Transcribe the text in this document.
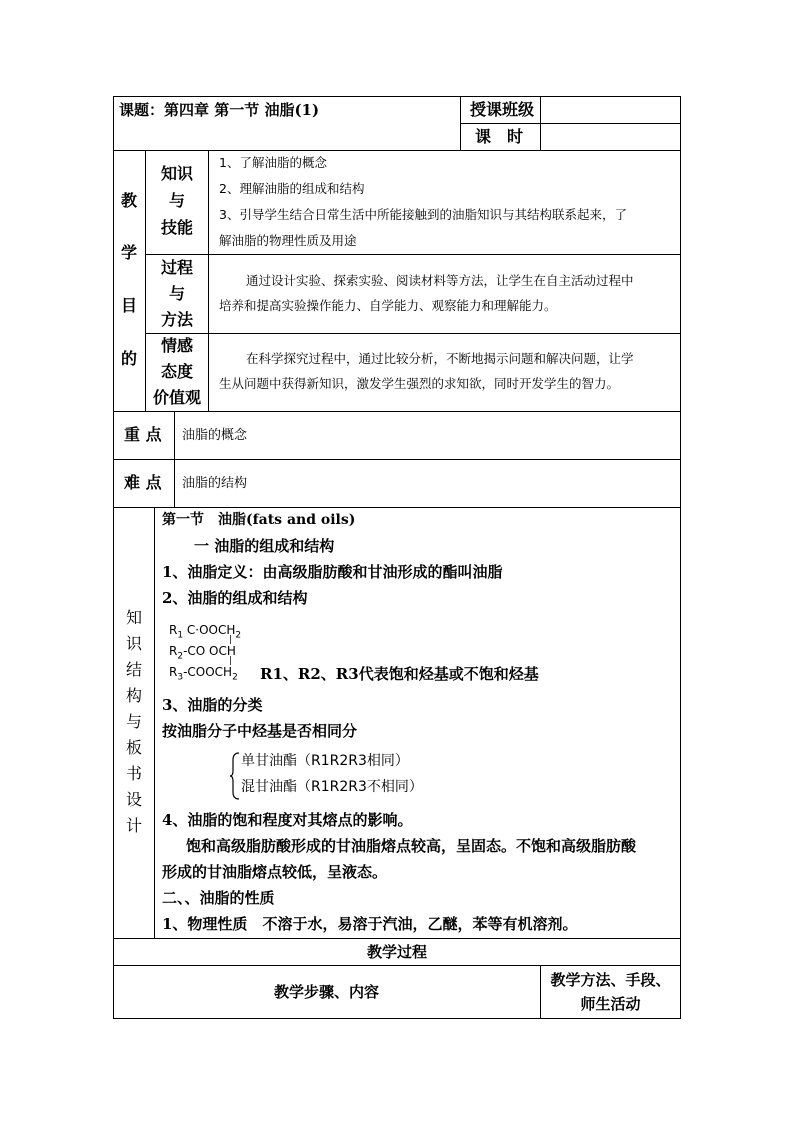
课题：第四章 第一节 油脂(1)	授课班级
课　时
教
学
目
的
知识
与
技能
1、了解油脂的概念
2、理解油脂的组成和结构
3、引导学生结合日常生活中所能接触到的油脂知识与其结构联系起来，了
解油脂的物理性质及用途
过程
与
方法
通过设计实验、探索实验、阅读材料等方法，让学生在自主活动过程中
培养和提高实验操作能力、自学能力、观察能力和理解能力。
情感
态度
价值观
在科学探究过程中，通过比较分析，不断地揭示问题和解决问题，让学
生从问题中获得新知识，激发学生强烈的求知欲，同时开发学生的智力。
重 点 油脂的概念
难 点 油脂的结构
知
识
结
构
与
板
书
设
计
第一节　油脂(fats and oils)
一 油脂的组成和结构
1、油脂定义：由高级脂肪酸和甘油形成的酯叫油脂
2、油脂的组成和结构
$R_1$ $C\cdot OOCH_2$
|
$R_2-CO$ OCH
|
$R_3-COOCH_2$ R1、R2、R3代表饱和烃基或不饱和烃基
3、油脂的分类
按油脂分子中烃基是否相同分
单甘油酯（R1R2R3相同）
混甘油酯（R1R2R3不相同）
4、油脂的饱和程度对其熔点的影响。
饱和高级脂肪酸形成的甘油脂熔点较高，呈固态。不饱和高级脂肪酸
形成的甘油脂熔点较低，呈液态。
二、、油脂的性质
1、物理性质　不溶于水，易溶于汽油，乙醚，苯等有机溶剂。
教学过程
教学步骤、内容
教学方法、手段、
师生活动
